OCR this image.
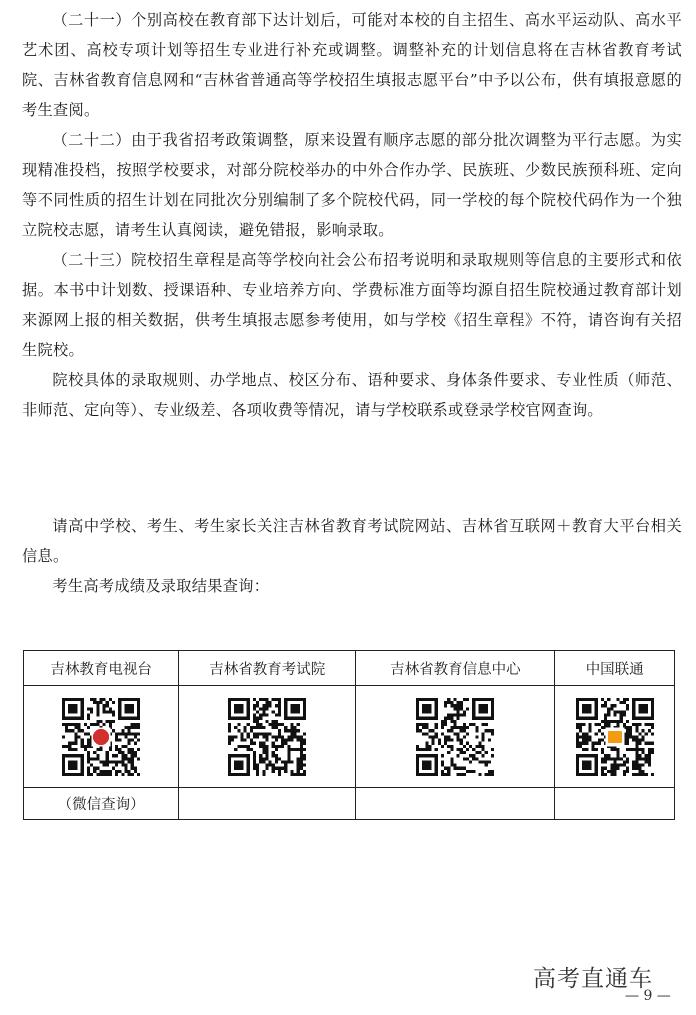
（二十一）个别高校在教育部下达计划后，可能对本校的自主招生、高水平运动队、高水平艺术团、高校专项计划等招生专业进行补充或调整。调整补充的计划信息将在吉林省教育考试院、吉林省教育信息网和“吉林省普通高等学校招生填报志愿平台”中予以公布，供有填报意愿的考生查阅。

（二十二）由于我省招考政策调整，原来设置有顺序志愿的部分批次调整为平行志愿。为实现精准投档，按照学校要求，对部分院校举办的中外合作办学、民族班、少数民族预科班、定向等不同性质的招生计划在同批次分别编制了多个院校代码，同一学校的每个院校代码作为一个独立院校志愿，请考生认真阅读，避免错报，影响录取。

（二十三）院校招生章程是高等学校向社会公布招考说明和录取规则等信息的主要形式和依据。本书中计划数、授课语种、专业培养方向、学费标准方面等均源自招生院校通过教育部计划来源网上报的相关数据，供考生填报志愿参考使用，如与学校《招生章程》不符，请咨询有关招生院校。

院校具体的录取规则、办学地点、校区分布、语种要求、身体条件要求、专业性质（师范、非师范、定向等）、专业级差、各项收费等情况，请与学校联系或登录学校官网查询。

请高中学校、考生、考生家长关注吉林省教育考试院网站、吉林省互联网＋教育大平台相关信息。

考生高考成绩及录取结果查询：

吉林教育电视台	吉林省教育考试院	吉林省教育信息中心	中国联通

（微信查询）			
高考直通车
— 9 —
